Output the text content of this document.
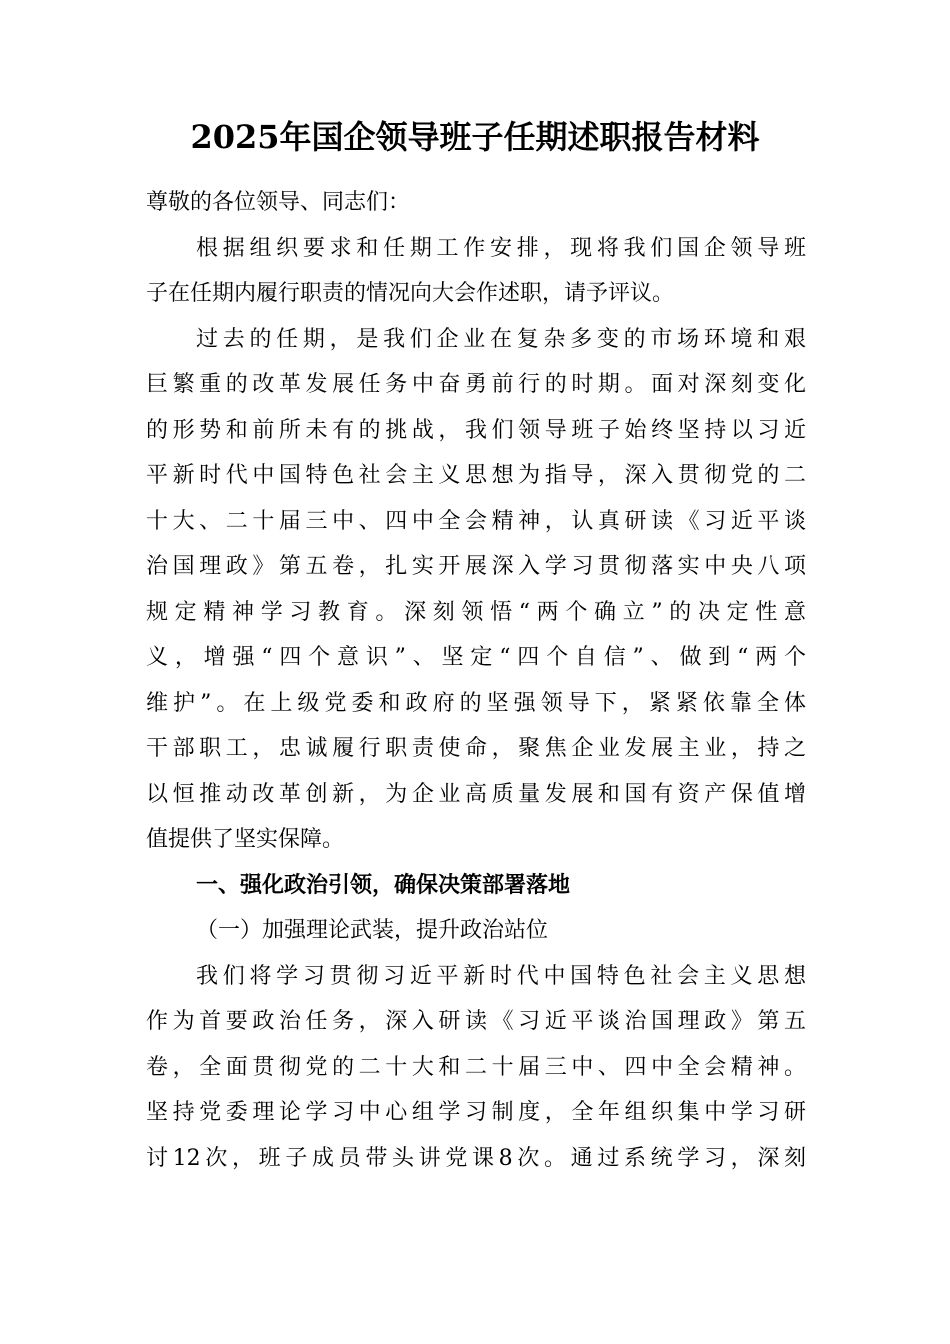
2025年国企领导班子任期述职报告材料
尊敬的各位领导、同志们：
根据组织要求和任期工作安排，现将我们国企领导班
子在任期内履行职责的情况向大会作述职，请予评议。
过去的任期，是我们企业在复杂多变的市场环境和艰
巨繁重的改革发展任务中奋勇前行的时期。面对深刻变化
的形势和前所未有的挑战，我们领导班子始终坚持以习近
平新时代中国特色社会主义思想为指导，深入贯彻党的二
十大、二十届三中、四中全会精神，认真研读《习近平谈
治国理政》第五卷，扎实开展深入学习贯彻落实中央八项
规定精神学习教育。深刻领悟“两个确立”的决定性意
义，增强“四个意识”、坚定“四个自信”、做到“两个
维护”。在上级党委和政府的坚强领导下，紧紧依靠全体
干部职工，忠诚履行职责使命，聚焦企业发展主业，持之
以恒推动改革创新，为企业高质量发展和国有资产保值增
值提供了坚实保障。
一、强化政治引领，确保决策部署落地
（一）加强理论武装，提升政治站位
我们将学习贯彻习近平新时代中国特色社会主义思想
作为首要政治任务，深入研读《习近平谈治国理政》第五
卷，全面贯彻党的二十大和二十届三中、四中全会精神。
坚持党委理论学习中心组学习制度，全年组织集中学习研
讨12次，班子成员带头讲党课8次。通过系统学习，深刻
